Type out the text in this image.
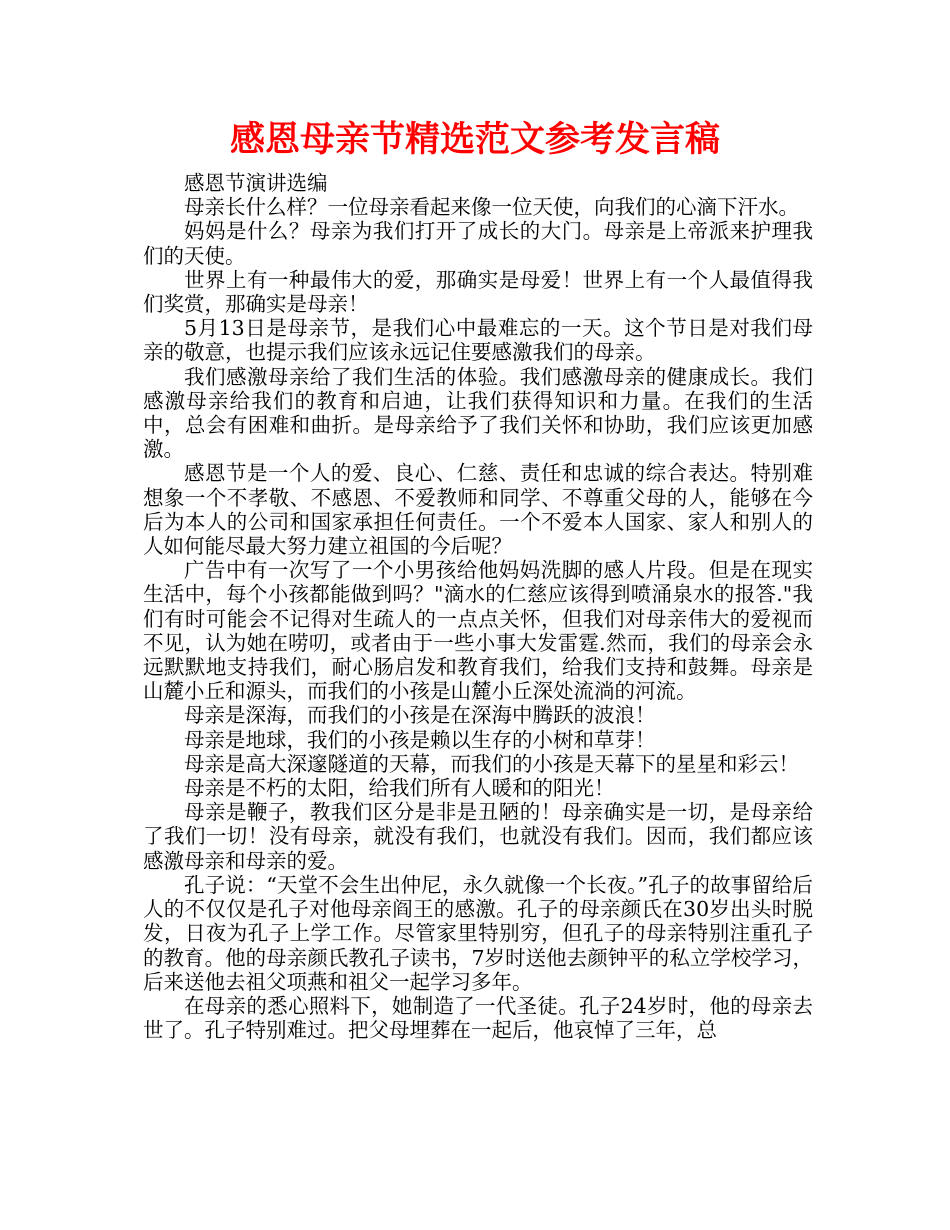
感恩母亲节精选范文参考发言稿

感恩节演讲选编

母亲长什么样？一位母亲看起来像一位天使，向我们的心滴下汗水。

妈妈是什么？母亲为我们打开了成长的大门。母亲是上帝派来护理我们的天使。

世界上有一种最伟大的爱，那确实是母爱！世界上有一个人最值得我们奖赏，那确实是母亲！

5月13日是母亲节，是我们心中最难忘的一天。这个节日是对我们母亲的敬意，也提示我们应该永远记住要感激我们的母亲。

我们感激母亲给了我们生活的体验。我们感激母亲的健康成长。我们感激母亲给我们的教育和启迪，让我们获得知识和力量。在我们的生活中，总会有困难和曲折。是母亲给予了我们关怀和协助，我们应该更加感激。

感恩节是一个人的爱、良心、仁慈、责任和忠诚的综合表达。特别难想象一个不孝敬、不感恩、不爱教师和同学、不尊重父母的人，能够在今后为本人的公司和国家承担任何责任。一个不爱本人国家、家人和别人的人如何能尽最大努力建立祖国的今后呢？

广告中有一次写了一个小男孩给他妈妈洗脚的感人片段。但是在现实生活中，每个小孩都能做到吗？"滴水的仁慈应该得到喷涌泉水的报答."我们有时可能会不记得对生疏人的一点点关怀，但我们对母亲伟大的爱视而不见，认为她在唠叨，或者由于一些小事大发雷霆.然而，我们的母亲会永远默默地支持我们，耐心肠启发和教育我们，给我们支持和鼓舞。母亲是山麓小丘和源头，而我们的小孩是山麓小丘深处流淌的河流。

母亲是深海，而我们的小孩是在深海中腾跃的波浪！

母亲是地球，我们的小孩是赖以生存的小树和草芽！

母亲是高大深邃隧道的天幕，而我们的小孩是天幕下的星星和彩云！

母亲是不朽的太阳，给我们所有人暖和的阳光！

母亲是鞭子，教我们区分是非是丑陋的！母亲确实是一切，是母亲给了我们一切！没有母亲，就没有我们，也就没有我们。因而，我们都应该感激母亲和母亲的爱。

孔子说：“天堂不会生出仲尼，永久就像一个长夜。”孔子的故事留给后人的不仅仅是孔子对他母亲阎王的感激。孔子的母亲颜氏在30岁出头时脱发，日夜为孔子上学工作。尽管家里特别穷，但孔子的母亲特别注重孔子的教育。他的母亲颜氏教孔子读书，7岁时送他去颜钟平的私立学校学习，后来送他去祖父项燕和祖父一起学习多年。

在母亲的悉心照料下，她制造了一代圣徒。孔子24岁时，他的母亲去世了。孔子特别难过。把父母埋葬在一起后，他哀悼了三年，总
